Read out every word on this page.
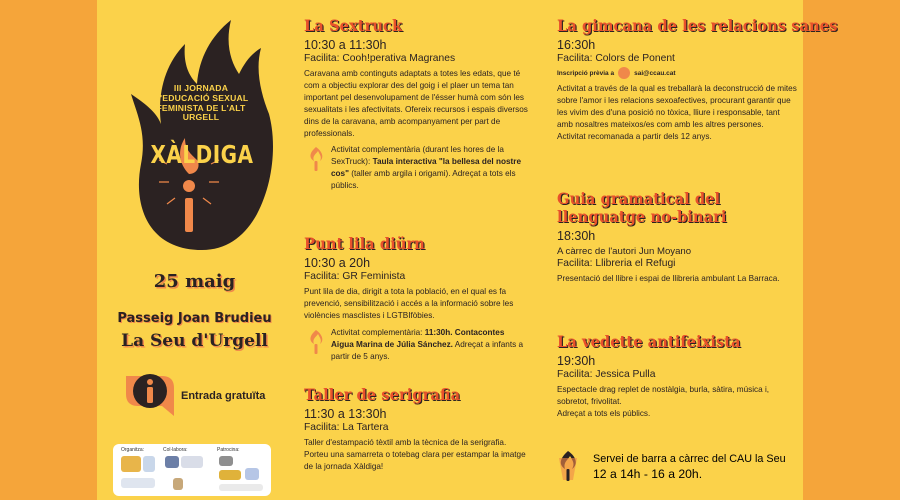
III JORNADA D'EDUCACIÓ SEXUAL FEMINISTA DE L'ALT URGELL
XÀLDIGA
25 maig
Passeig Joan Brudieu
La Seu d'Urgell
Entrada gratuïta
Organitza:	Col·labora:	Patrocina:
La Sextruck
10:30 a 11:30h
Facilita: Cooh!perativa Magranes
Caravana amb continguts adaptats a totes les edats, que té com a objectiu explorar des del goig i el plaer un tema tan important pel desenvolupament de l'ésser humà com són les sexualitats i les afectivitats. Ofereix recursos i espais diversos dins de la caravana, amb acompanyament per part de professionals.
Activitat complementària (durant les hores de la SexTruck): Taula interactiva "la bellesa del nostre cos" (taller amb argila i origami). Adreçat a tots els públics.
Punt lila diürn
10:30 a 20h
Facilita: GR Feminista
Punt lila de dia, dirigit a tota la població, en el qual es fa prevenció, sensibilització i accés a la informació sobre les violències masclistes i LGTBIfòbies.
Activitat complementària: 11:30h. Contacontes Aigua Marina de Júlia Sánchez. Adreçat a infants a partir de 5 anys.
Taller de serigrafia
11:30 a 13:30h
Facilita: La Tartera
Taller d'estampació tèxtil amb la tècnica de la serigrafia. Porteu una samarreta o totebag clara per estampar la imatge de la jornada Xàldiga!
La gimcana de les relacions sanes
16:30h
Facilita: Colors de Ponent
Inscripció prèvia a	sai@ccau.cat
Activitat a través de la qual es treballarà la deconstrucció de mites sobre l'amor i les relacions sexoafectives, procurant garantir que les vivim des d'una posició no tòxica, lliure i responsable, tant amb nosaltres mateixos/es com amb les altres persones.
Activitat recomanada a partir dels 12 anys.
Guia gramatical del llenguatge no-binari
18:30h
A càrrec de l'autori Jun Moyano
Facilita: Llibreria el Refugi
Presentació del llibre i espai de llibreria ambulant La Barraca.
La vedette antifeixista
19:30h
Facilita: Jessica Pulla
Espectacle drag replet de nostàlgia, burla, sàtira, música i, sobretot, frivolitat.
Adreçat a tots els públics.
Servei de barra a càrrec del CAU la Seu
12 a 14h - 16 a 20h.
